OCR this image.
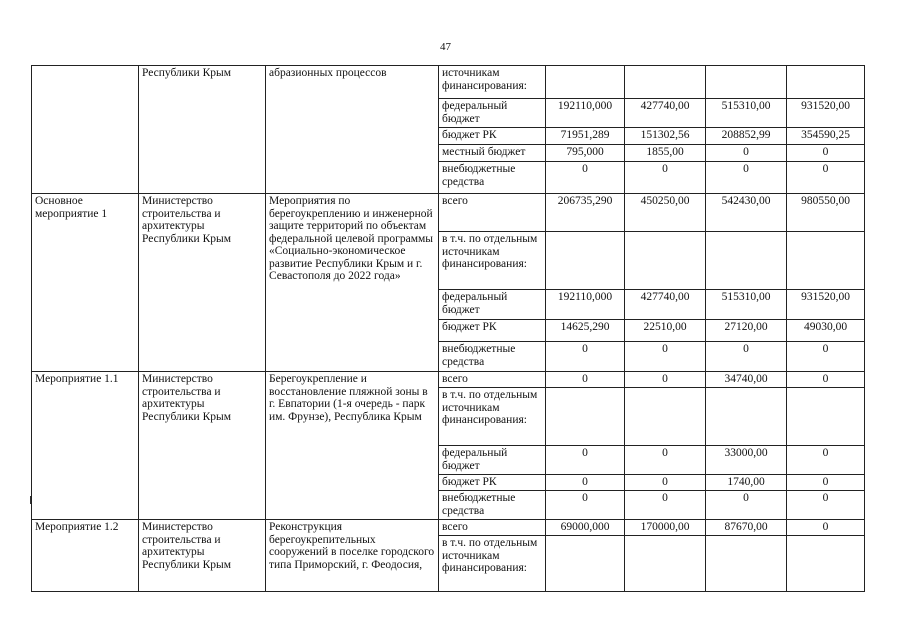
47
	Республики Крым	абразионных процессов	источникам финансирования:				
			федеральный бюджет	192110,000	427740,00	515310,00	931520,00
			бюджет РК	71951,289	151302,56	208852,99	354590,25
			местный бюджет	795,000	1855,00	0	0
			внебюджетные средства	0	0	0	0
Основное мероприятие 1	Министерство строительства и архитектуры Республики Крым	Мероприятия по берегоукреплению и инженерной защите территорий по объектам федеральной целевой программы «Социально-экономическое развитие Республики Крым и г. Севастополя до 2022 года»	всего	206735,290	450250,00	542430,00	980550,00
			в т.ч. по отдельным источникам финансирования:				
			федеральный бюджет	192110,000	427740,00	515310,00	931520,00
			бюджет РК	14625,290	22510,00	27120,00	49030,00
			внебюджетные средства	0	0	0	0
Мероприятие 1.1	Министерство строительства и архитектуры Республики Крым	Берегоукрепление и восстановление пляжной зоны в г. Евпатории (1-я очередь - парк им. Фрунзе), Республика Крым	всего	0	0	34740,00	0
			в т.ч. по отдельным источникам финансирования:				
			федеральный бюджет	0	0	33000,00	0
			бюджет РК	0	0	1740,00	0
			внебюджетные средства	0	0	0	0
Мероприятие 1.2	Министерство строительства и архитектуры Республики Крым	Реконструкция берегоукрепительных сооружений в поселке городского типа Приморский, г. Феодосия,	всего	69000,000	170000,00	87670,00	0
			в т.ч. по отдельным источникам финансирования:				
